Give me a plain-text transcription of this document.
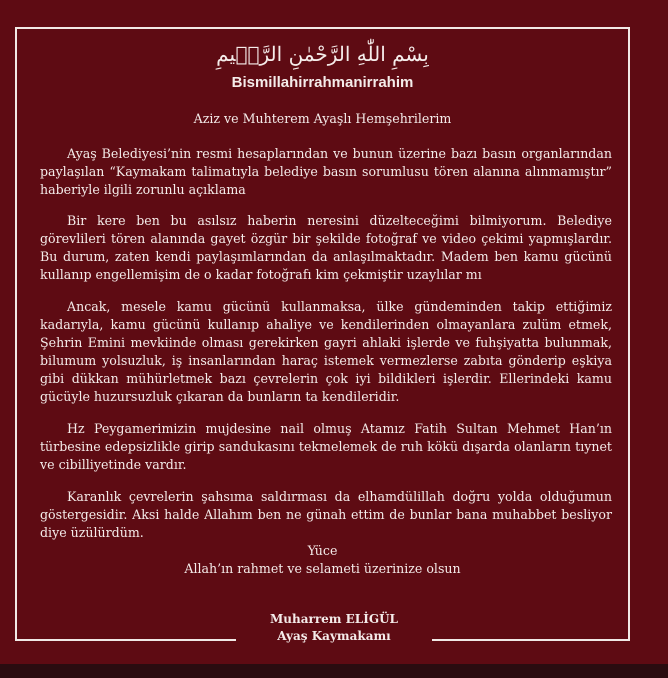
بِسْمِ اللّٰهِ الرَّحْمٰنِ الرَّح۪يمِ
Bismillahirrahmanirrahim
Aziz ve Muhterem Ayaşlı Hemşehrilerim

Ayaş Belediyesi’nin resmi hesaplarından ve bunun üzerine bazı basın organlarından paylaşılan “Kaymakam talimatıyla belediye basın sorumlusu tören alanına alınmamıştır” haberiyle ilgili zorunlu açıklama

Bir kere ben bu asılsız haberin neresini düzelteceğimi bilmiyorum. Belediye görevlileri tören alanında gayet özgür bir şekilde fotoğraf ve video çekimi yapmışlardır. Bu durum, zaten kendi paylaşımlarından da anlaşılmaktadır. Madem ben kamu gücünü kullanıp engellemişim de o kadar fotoğrafı kim çekmiştir uzaylılar mı

Ancak, mesele kamu gücünü kullanmaksa, ülke gündeminden takip ettiğimiz kadarıyla, kamu gücünü kullanıp ahaliye ve kendilerinden olmayanlara zulüm etmek, Şehrin Emini mevkiinde olması gerekirken gayri ahlaki işlerde ve fuhşiyatta bulunmak, bilumum yolsuzluk, iş insanlarından haraç istemek vermezlerse zabıta gönderip eşkiya gibi dükkan mühürletmek bazı çevrelerin çok iyi bildikleri işlerdir. Ellerindeki kamu gücüyle huzursuzluk çıkaran da bunların ta kendileridir.

Hz Peygamerimizin mujdesine nail olmuş Atamız Fatih Sultan Mehmet Han’ın türbesine edepsizlikle girip sandukasını tekmelemek de ruh kökü dışarda olanların tıynet ve cibilliyetinde vardır.

Karanlık çevrelerin şahsıma saldırması da elhamdülillah doğru yolda olduğumun göstergesidir. Aksi halde Allahım ben ne günah ettim de bunlar bana muhabbet besliyor diye üzülürdüm.

Yüce
Allah’ın rahmet ve selameti üzerinize olsun
Muharrem ELİGÜL
Ayaş Kaymakamı
